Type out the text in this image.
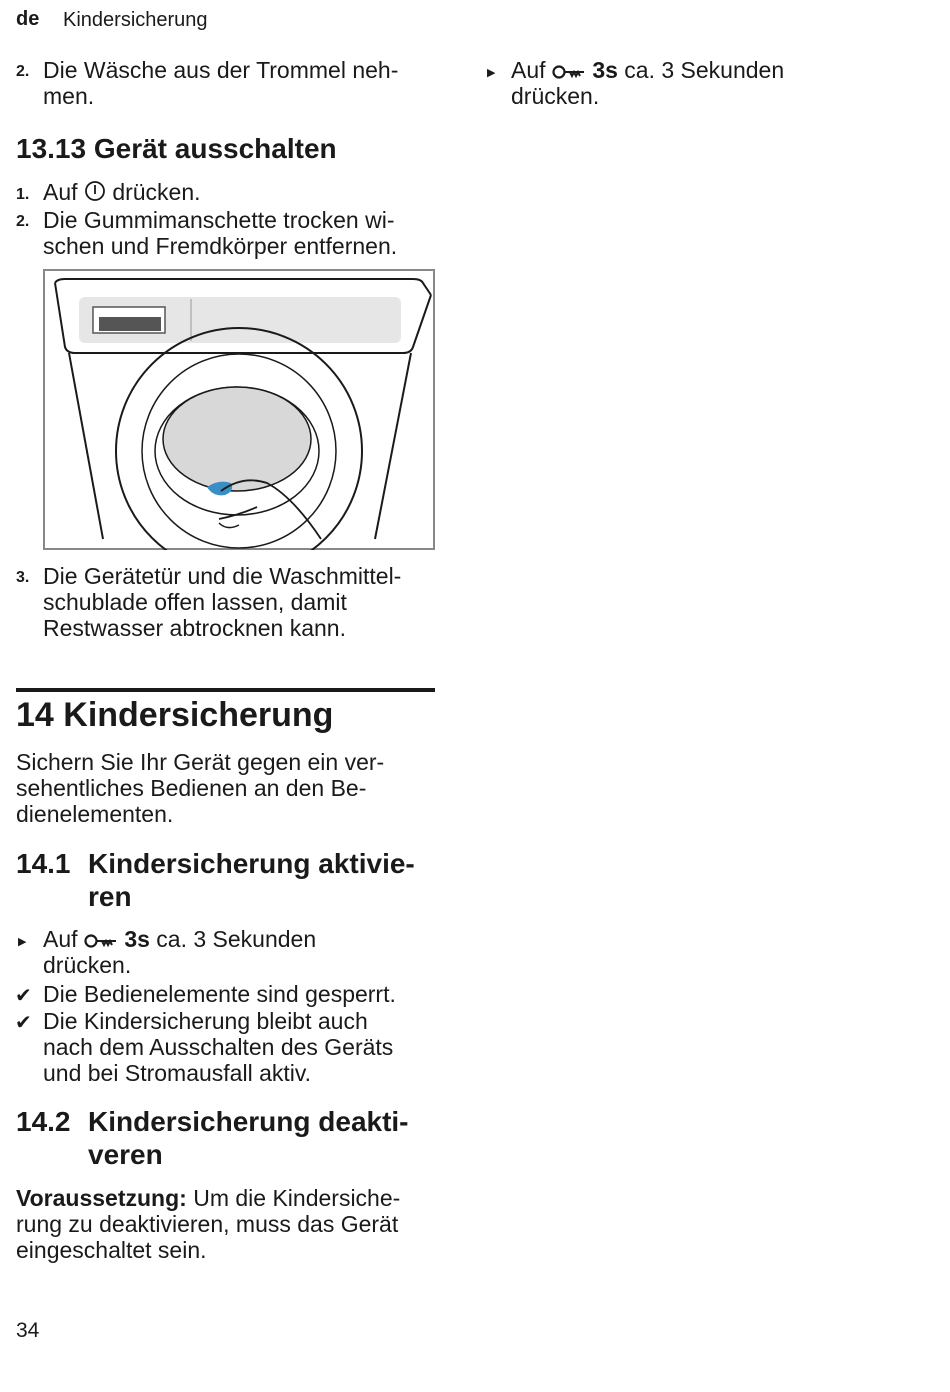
de Kindersicherung
2. Die Wäsche aus der Trommel neh-
men.
13.13 Gerät ausschalten
1. Auf drücken.
2. Die Gummimanschette trocken wi-
schen und Fremdkörper entfernen.
3. Die Gerätetür und die Waschmittel-
schublade offen lassen, damit
Restwasser abtrocknen kann.
14 Kindersicherung
Sichern Sie Ihr Gerät gegen ein ver-
sehentliches Bedienen an den Be-
dienelementen.
14.1 Kindersicherung aktivie-
ren
▶ Auf 3s ca. 3 Sekunden
drücken.
✔ Die Bedienelemente sind gesperrt.
✔ Die Kindersicherung bleibt auch
nach dem Ausschalten des Geräts
und bei Stromausfall aktiv.
14.2 Kindersicherung deakti-
veren
Voraussetzung: Um die Kindersiche-
rung zu deaktivieren, muss das Gerät
eingeschaltet sein.
▶ Auf 3s ca. 3 Sekunden
drücken.
34
